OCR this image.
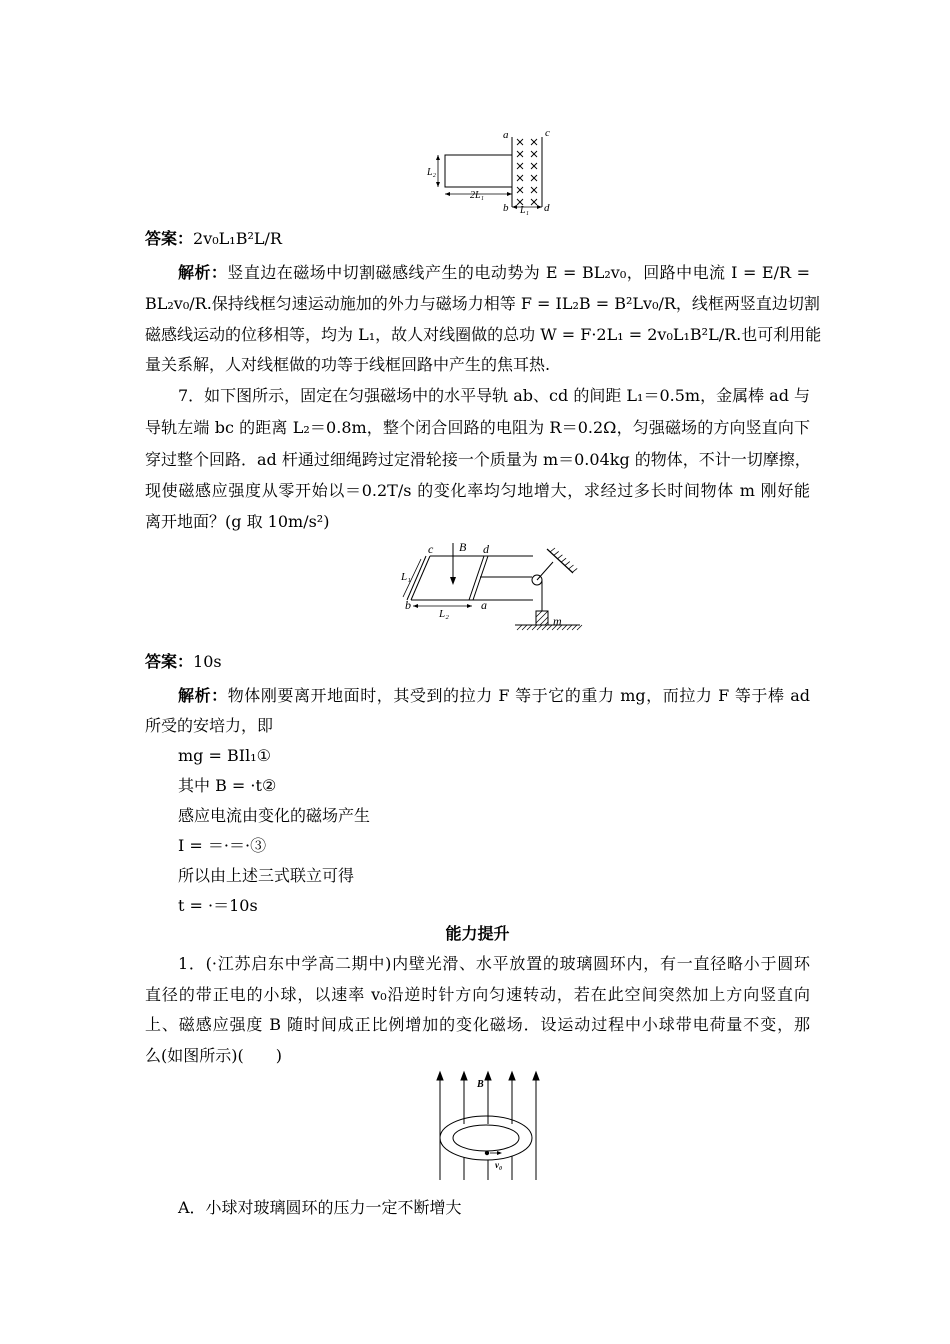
a	c
b	d
L₂
2L₁
L₁
答案：2v₀L₁B²L/R
解析：竖直边在磁场中切割磁感线产生的电动势为 E = BL₂v₀，回路中电流 I = E/R =
BL₂v₀/R.保持线框匀速运动施加的外力与磁场力相等 F = IL₂B = B²Lv₀/R，线框两竖直边切割
磁感线运动的位移相等，均为 L₁，故人对线圈做的总功 W = F·2L₁ = 2v₀L₁B²L/R.也可利用能
量关系解，人对线框做的功等于线框回路中产生的焦耳热.
7．如下图所示，固定在匀强磁场中的水平导轨 ab、cd 的间距 L₁＝0.5m，金属棒 ad 与
导轨左端 bc 的距离 L₂＝0.8m，整个闭合回路的电阻为 R＝0.2Ω，匀强磁场的方向竖直向下
穿过整个回路．ad 杆通过细绳跨过定滑轮接一个质量为 m＝0.04kg 的物体，不计一切摩擦，
现使磁感应强度从零开始以＝0.2T/s 的变化率均匀地增大，求经过多长时间物体 m 刚好能
离开地面？(g 取 10m/s²)
c B d
L₁
b
L₂
a
m
答案：10s
解析：物体刚要离开地面时，其受到的拉力 F 等于它的重力 mg，而拉力 F 等于棒 ad
所受的安培力，即
mg = BIl₁①
其中 B = ·t②
感应电流由变化的磁场产生
I = ＝·＝·③
所以由上述三式联立可得
t = ·＝10s
能力提升
1．(·江苏启东中学高二期中)内壁光滑、水平放置的玻璃圆环内，有一直径略小于圆环
直径的带正电的小球，以速率 v₀沿逆时针方向匀速转动，若在此空间突然加上方向竖直向
上、磁感应强度 B 随时间成正比例增加的变化磁场．设运动过程中小球带电荷量不变，那
么(如图所示)(　　)
B
v₀
A．小球对玻璃圆环的压力一定不断增大
